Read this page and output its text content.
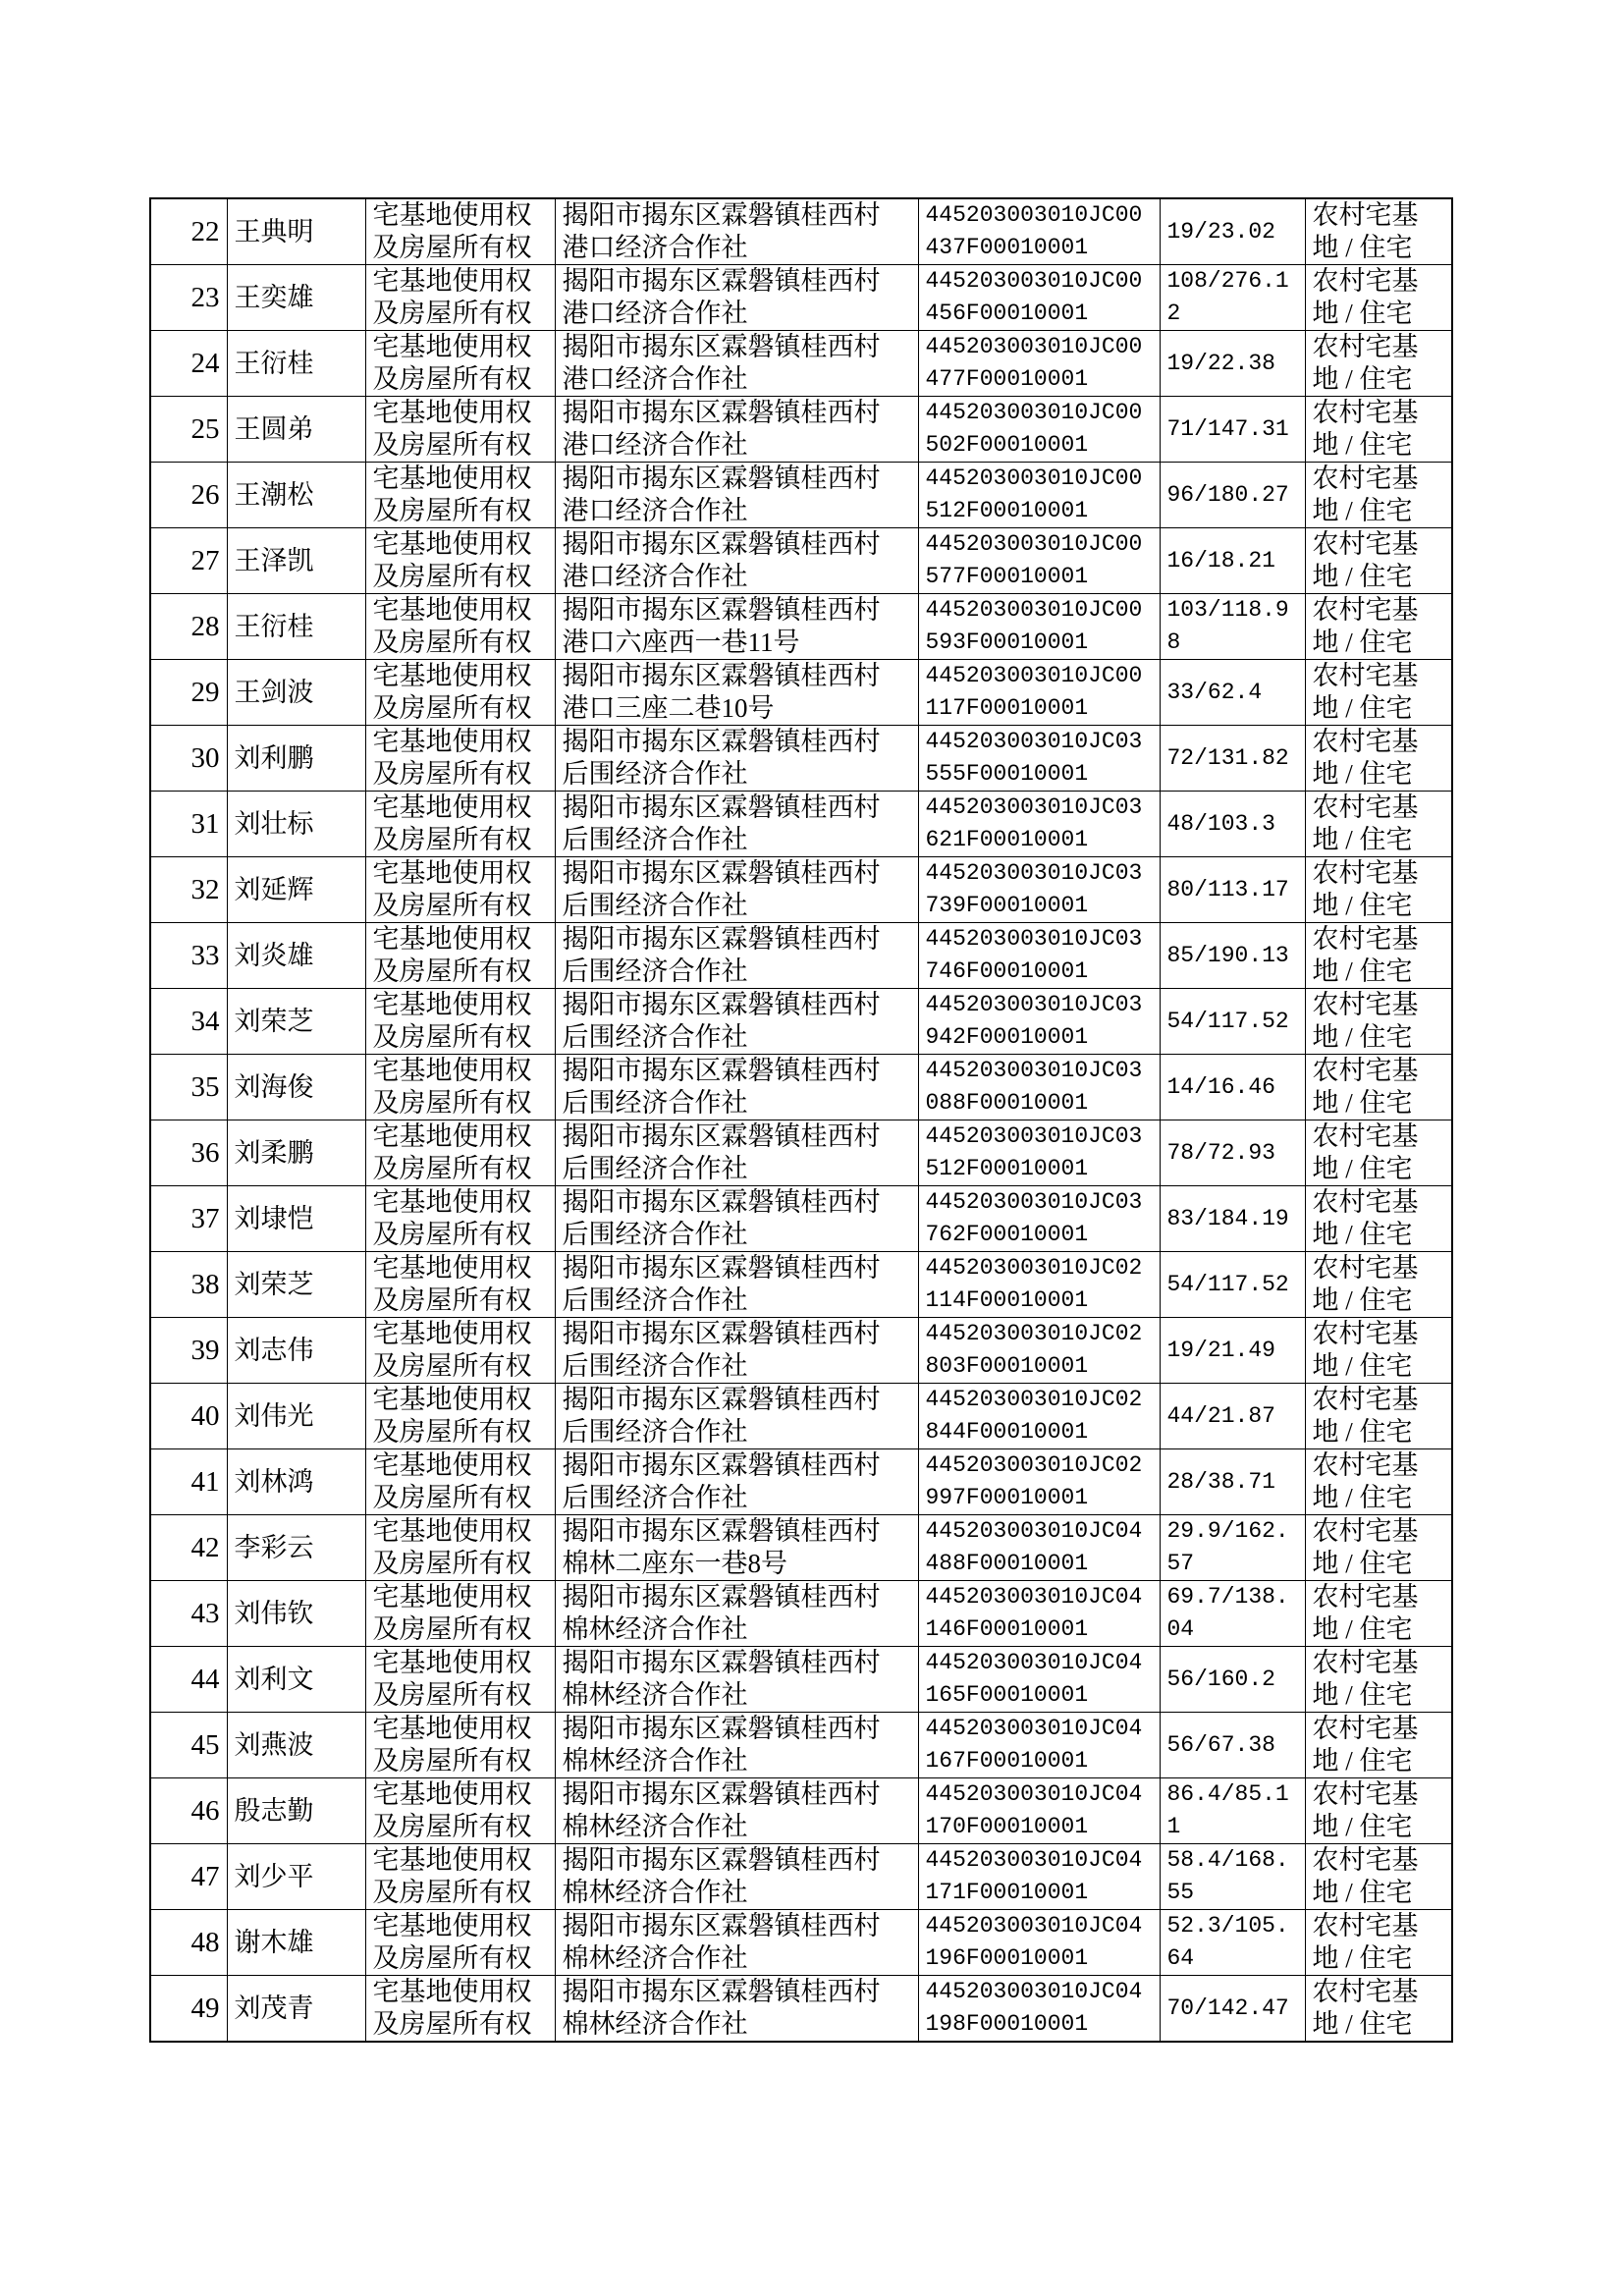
22	王典明	宅基地使用权及房屋所有权	揭阳市揭东区霖磐镇桂西村港口经济合作社	445203003010JC00437F00010001	19/23.02	农村宅基地 / 住宅

23	王奕雄	宅基地使用权及房屋所有权	揭阳市揭东区霖磐镇桂西村港口经济合作社	445203003010JC00456F00010001	108/276.12	农村宅基地 / 住宅

24	王衍桂	宅基地使用权及房屋所有权	揭阳市揭东区霖磐镇桂西村港口经济合作社	445203003010JC00477F00010001	19/22.38	农村宅基地 / 住宅

25	王圆弟	宅基地使用权及房屋所有权	揭阳市揭东区霖磐镇桂西村港口经济合作社	445203003010JC00502F00010001	71/147.31	农村宅基地 / 住宅

26	王潮松	宅基地使用权及房屋所有权	揭阳市揭东区霖磐镇桂西村港口经济合作社	445203003010JC00512F00010001	96/180.27	农村宅基地 / 住宅

27	王泽凯	宅基地使用权及房屋所有权	揭阳市揭东区霖磐镇桂西村港口经济合作社	445203003010JC00577F00010001	16/18.21	农村宅基地 / 住宅

28	王衍桂	宅基地使用权及房屋所有权	揭阳市揭东区霖磐镇桂西村港口六座西一巷11号	445203003010JC00593F00010001	103/118.98	农村宅基地 / 住宅

29	王剑波	宅基地使用权及房屋所有权	揭阳市揭东区霖磐镇桂西村港口三座二巷10号	445203003010JC00117F00010001	33/62.4	农村宅基地 / 住宅

30	刘利鹏	宅基地使用权及房屋所有权	揭阳市揭东区霖磐镇桂西村后围经济合作社	445203003010JC03555F00010001	72/131.82	农村宅基地 / 住宅

31	刘壮标	宅基地使用权及房屋所有权	揭阳市揭东区霖磐镇桂西村后围经济合作社	445203003010JC03621F00010001	48/103.3	农村宅基地 / 住宅

32	刘延辉	宅基地使用权及房屋所有权	揭阳市揭东区霖磐镇桂西村后围经济合作社	445203003010JC03739F00010001	80/113.17	农村宅基地 / 住宅

33	刘炎雄	宅基地使用权及房屋所有权	揭阳市揭东区霖磐镇桂西村后围经济合作社	445203003010JC03746F00010001	85/190.13	农村宅基地 / 住宅

34	刘荣芝	宅基地使用权及房屋所有权	揭阳市揭东区霖磐镇桂西村后围经济合作社	445203003010JC03942F00010001	54/117.52	农村宅基地 / 住宅

35	刘海俊	宅基地使用权及房屋所有权	揭阳市揭东区霖磐镇桂西村后围经济合作社	445203003010JC03088F00010001	14/16.46	农村宅基地 / 住宅

36	刘柔鹏	宅基地使用权及房屋所有权	揭阳市揭东区霖磐镇桂西村后围经济合作社	445203003010JC03512F00010001	78/72.93	农村宅基地 / 住宅

37	刘埭恺	宅基地使用权及房屋所有权	揭阳市揭东区霖磐镇桂西村后围经济合作社	445203003010JC03762F00010001	83/184.19	农村宅基地 / 住宅

38	刘荣芝	宅基地使用权及房屋所有权	揭阳市揭东区霖磐镇桂西村后围经济合作社	445203003010JC02114F00010001	54/117.52	农村宅基地 / 住宅

39	刘志伟	宅基地使用权及房屋所有权	揭阳市揭东区霖磐镇桂西村后围经济合作社	445203003010JC02803F00010001	19/21.49	农村宅基地 / 住宅

40	刘伟光	宅基地使用权及房屋所有权	揭阳市揭东区霖磐镇桂西村后围经济合作社	445203003010JC02844F00010001	44/21.87	农村宅基地 / 住宅

41	刘林鸿	宅基地使用权及房屋所有权	揭阳市揭东区霖磐镇桂西村后围经济合作社	445203003010JC02997F00010001	28/38.71	农村宅基地 / 住宅

42	李彩云	宅基地使用权及房屋所有权	揭阳市揭东区霖磐镇桂西村棉林二座东一巷8号	445203003010JC04488F00010001	29.9/162.57	农村宅基地 / 住宅

43	刘伟钦	宅基地使用权及房屋所有权	揭阳市揭东区霖磐镇桂西村棉林经济合作社	445203003010JC04146F00010001	69.7/138.04	农村宅基地 / 住宅

44	刘利文	宅基地使用权及房屋所有权	揭阳市揭东区霖磐镇桂西村棉林经济合作社	445203003010JC04165F00010001	56/160.2	农村宅基地 / 住宅

45	刘燕波	宅基地使用权及房屋所有权	揭阳市揭东区霖磐镇桂西村棉林经济合作社	445203003010JC04167F00010001	56/67.38	农村宅基地 / 住宅

46	殷志勤	宅基地使用权及房屋所有权	揭阳市揭东区霖磐镇桂西村棉林经济合作社	445203003010JC04170F00010001	86.4/85.11	农村宅基地 / 住宅

47	刘少平	宅基地使用权及房屋所有权	揭阳市揭东区霖磐镇桂西村棉林经济合作社	445203003010JC04171F00010001	58.4/168.55	农村宅基地 / 住宅

48	谢木雄	宅基地使用权及房屋所有权	揭阳市揭东区霖磐镇桂西村棉林经济合作社	445203003010JC04196F00010001	52.3/105.64	农村宅基地 / 住宅

49	刘茂青	宅基地使用权及房屋所有权	揭阳市揭东区霖磐镇桂西村棉林经济合作社	445203003010JC04198F00010001	70/142.47	农村宅基地 / 住宅
